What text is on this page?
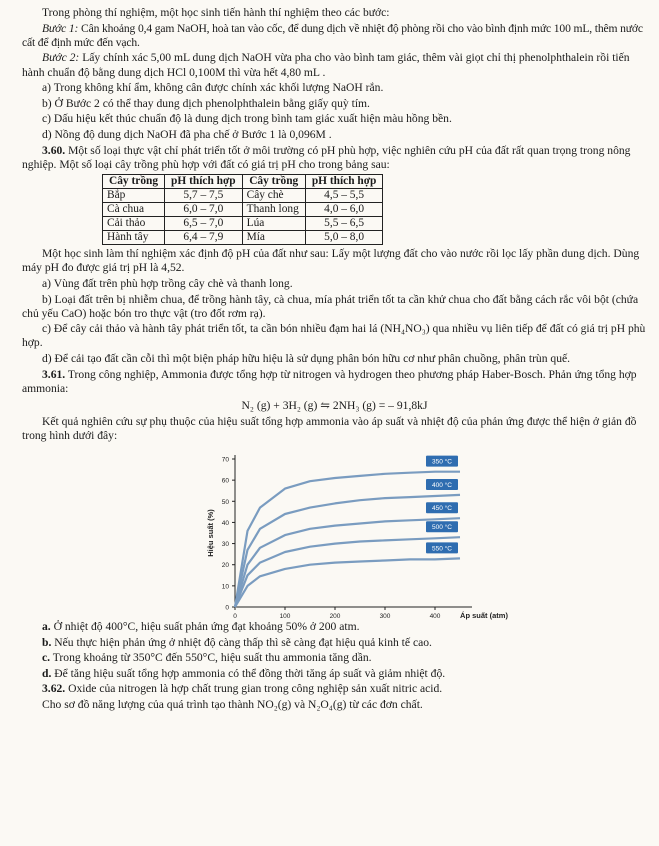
Trong phòng thí nghiệm, một học sinh tiến hành thí nghiệm theo các bước:

Bước 1: Cân khoảng 0,4 gam NaOH, hoà tan vào cốc, để dung dịch về nhiệt độ phòng rồi cho vào bình định mức 100 mL, thêm nước cất để định mức đến vạch.

Bước 2: Lấy chính xác 5,00 mL dung dịch NaOH vừa pha cho vào bình tam giác, thêm vài giọt chỉ thị phenolphthalein rồi tiến hành chuẩn độ bằng dung dịch HCl 0,100M thì vừa hết 4,80 mL .

a) Trong không khí ẩm, không cân được chính xác khối lượng NaOH rắn.

b) Ở Bước 2 có thể thay dung dịch phenolphthalein bằng giấy quỳ tím.

c) Dấu hiệu kết thúc chuẩn độ là dung dịch trong bình tam giác xuất hiện màu hồng bền.

d) Nồng độ dung dịch NaOH đã pha chế ở Bước 1 là 0,096M .

3.60. Một số loại thực vật chỉ phát triển tốt ở môi trường có pH phù hợp, việc nghiên cứu pH của đất rất quan trọng trong nông nghiệp. Một số loại cây trồng phù hợp với đất có giá trị pH cho trong bảng sau:

Cây trồng	pH thích hợp	Cây trồng	pH thích hợp
Bắp	5,7 – 7,5	Cây chè	4,5 – 5,5
Cà chua	6,0 – 7,0	Thanh long	4,0 – 6,0
Cải thảo	6,5 – 7,0	Lúa	5,5 – 6,5
Hành tây	6,4 – 7,9	Mía	5,0 – 8,0

Một học sinh làm thí nghiệm xác định độ pH của đất như sau: Lấy một lượng đất cho vào nước rồi lọc lấy phần dung dịch. Dùng máy pH đo được giá trị pH là 4,52.

a) Vùng đất trên phù hợp trồng cây chè và thanh long.

b) Loại đất trên bị nhiễm chua, để trồng hành tây, cà chua, mía phát triển tốt ta cần khử chua cho đất bằng cách rắc vôi bột (chứa chủ yếu CaO) hoặc bón tro thực vật (tro đốt rơm rạ).

c) Để cây cải thảo và hành tây phát triển tốt, ta cần bón nhiều đạm hai lá (NH₄NO₃) qua nhiều vụ liên tiếp để đất có giá trị pH phù hợp.

d) Để cải tạo đất cần cỗi thì một biện pháp hữu hiệu là sử dụng phân bón hữu cơ như phân chuồng, phân trùn quế.

3.61. Trong công nghiệp, Ammonia được tổng hợp từ nitrogen và hydrogen theo phương pháp Haber-Bosch. Phản ứng tổng hợp ammonia:

N₂ (g) + 3H₂ (g) ⇋ 2NH₃ (g) = – 91,8kJ

Kết quả nghiên cứu sự phụ thuộc của hiệu suất tổng hợp ammonia vào áp suất và nhiệt độ của phản ứng được thể hiện ở giản đồ trong hình dưới đây:

0
10
20
30
40
50
60
70
0	100	200	300	400	Áp suất (atm)
Hiệu suất (%)
350 °C
400 °C
450 °C
500 °C
550 °C

a. Ở nhiệt độ 400°C, hiệu suất phản ứng đạt khoảng 50% ở 200 atm.

b. Nếu thực hiện phản ứng ở nhiệt độ càng thấp thì sẽ càng đạt hiệu quả kinh tế cao.

c. Trong khoảng từ 350°C đến 550°C, hiệu suất thu ammonia tăng dần.

d. Để tăng hiệu suất tổng hợp ammonia có thể đồng thời tăng áp suất và giảm nhiệt độ.

3.62. Oxide của nitrogen là hợp chất trung gian trong công nghiệp sản xuất nitric acid.

Cho sơ đồ năng lượng của quá trình tạo thành NO₂(g) và N₂O₄(g) từ các đơn chất.
